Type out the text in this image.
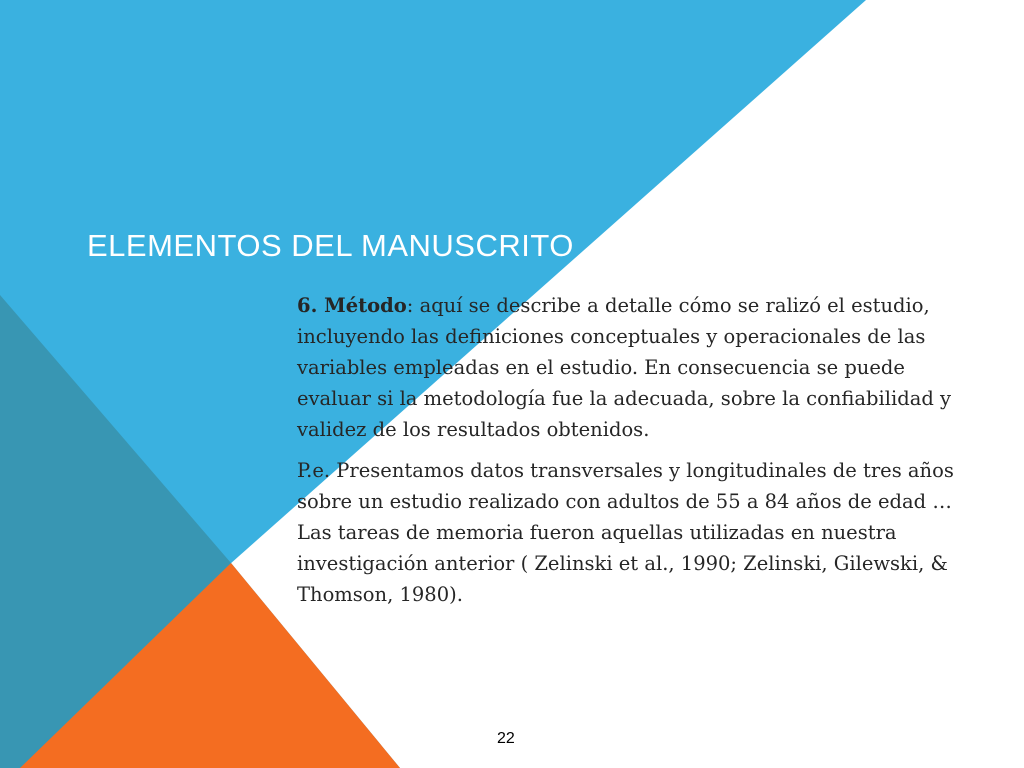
ELEMENTOS DEL MANUSCRITO

6. Método: aquí se describe a detalle cómo se ralizó el estudio, incluyendo las definiciones conceptuales y operacionales de las variables empleadas en el estudio. En consecuencia se puede evaluar si la metodología fue la adecuada, sobre la confiabilidad y validez de los resultados obtenidos.

P.e. Presentamos datos transversales y longitudinales de tres años sobre un estudio realizado con adultos de 55 a 84 años de edad … Las tareas de memoria fueron aquellas utilizadas en nuestra investigación anterior ( Zelinski et al., 1990; Zelinski, Gilewski, & Thomson, 1980).

22
